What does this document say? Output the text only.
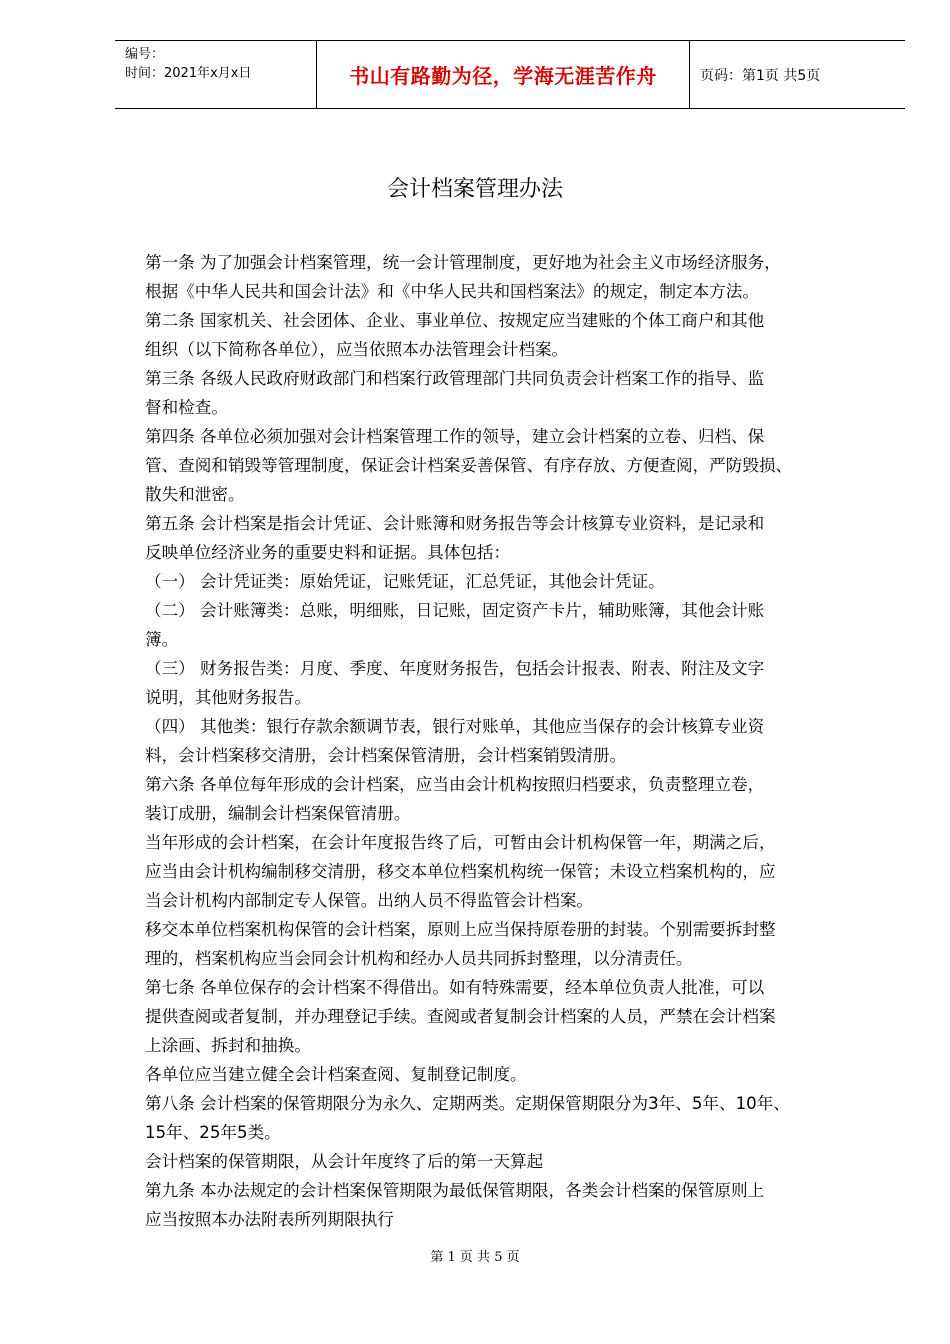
编号：
时间：2021年x月x日	书山有路勤为径，学海无涯苦作舟	页码：第1页 共5页
会计档案管理办法
第一条 为了加强会计档案管理，统一会计管理制度，更好地为社会主义市场经济服务，
根据《中华人民共和国会计法》和《中华人民共和国档案法》的规定，制定本方法。
第二条 国家机关、社会团体、企业、事业单位、按规定应当建账的个体工商户和其他
组织（以下简称各单位），应当依照本办法管理会计档案。
第三条 各级人民政府财政部门和档案行政管理部门共同负责会计档案工作的指导、监
督和检查。
第四条 各单位必须加强对会计档案管理工作的领导，建立会计档案的立卷、归档、保
管、查阅和销毁等管理制度，保证会计档案妥善保管、有序存放、方便查阅，严防毁损、
散失和泄密。
第五条 会计档案是指会计凭证、会计账簿和财务报告等会计核算专业资料，是记录和
反映单位经济业务的重要史料和证据。具体包括：
（一） 会计凭证类：原始凭证，记账凭证，汇总凭证，其他会计凭证。
（二） 会计账簿类：总账，明细账，日记账，固定资产卡片，辅助账簿，其他会计账
簿。
（三） 财务报告类：月度、季度、年度财务报告，包括会计报表、附表、附注及文字
说明，其他财务报告。
（四） 其他类：银行存款余额调节表，银行对账单，其他应当保存的会计核算专业资
料，会计档案移交清册，会计档案保管清册，会计档案销毁清册。
第六条 各单位每年形成的会计档案，应当由会计机构按照归档要求，负责整理立卷，
装订成册，编制会计档案保管清册。
当年形成的会计档案，在会计年度报告终了后，可暂由会计机构保管一年，期满之后，
应当由会计机构编制移交清册，移交本单位档案机构统一保管；未设立档案机构的，应
当会计机构内部制定专人保管。出纳人员不得监管会计档案。
移交本单位档案机构保管的会计档案，原则上应当保持原卷册的封装。个别需要拆封整
理的，档案机构应当会同会计机构和经办人员共同拆封整理，以分清责任。
第七条 各单位保存的会计档案不得借出。如有特殊需要，经本单位负责人批准，可以
提供查阅或者复制，并办理登记手续。查阅或者复制会计档案的人员，严禁在会计档案
上涂画、拆封和抽换。
各单位应当建立健全会计档案查阅、复制登记制度。
第八条 会计档案的保管期限分为永久、定期两类。定期保管期限分为3年、5年、10年、
15年、25年5类。
会计档案的保管期限，从会计年度终了后的第一天算起
第九条 本办法规定的会计档案保管期限为最低保管期限，各类会计档案的保管原则上
应当按照本办法附表所列期限执行
第 1 页 共 5 页
